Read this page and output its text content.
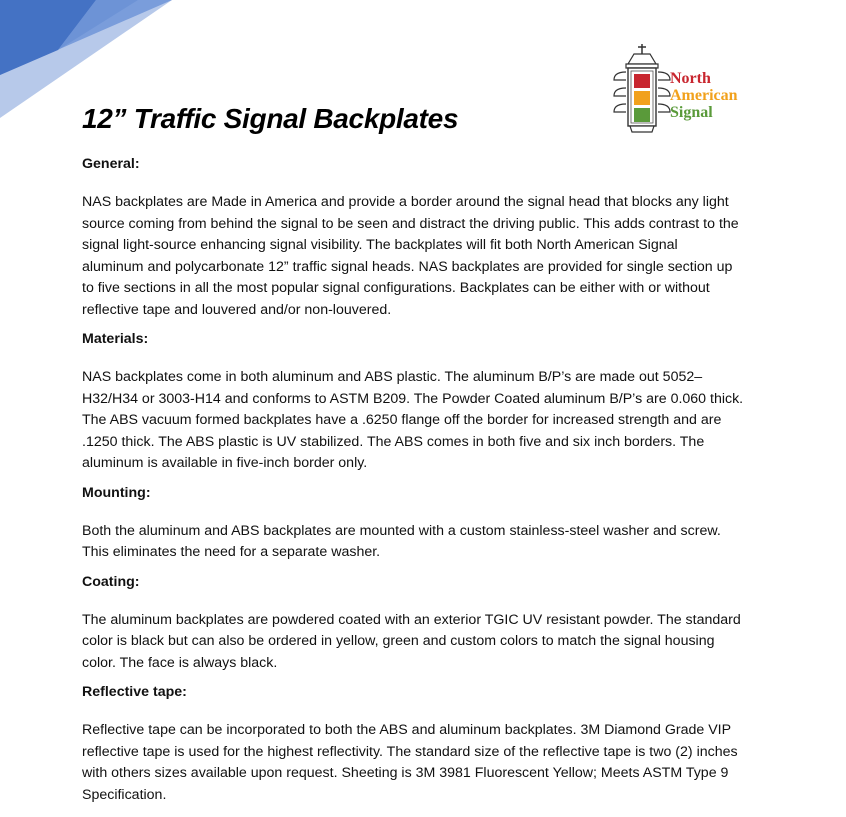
North
American
Signal
12” Traffic Signal Backplates
General:
NAS backplates are Made in America and provide a border around the signal head that blocks any light
source coming from behind the signal to be seen and distract the driving public. This adds contrast to the
signal light-source enhancing signal visibility. The backplates will fit both North American Signal
aluminum and polycarbonate 12” traffic signal heads. NAS backplates are provided for single section up
to five sections in all the most popular signal configurations. Backplates can be either with or without
reflective tape and louvered and/or non-louvered.
Materials:
NAS backplates come in both aluminum and ABS plastic. The aluminum B/P’s are made out 5052–
H32/H34 or 3003-H14 and conforms to ASTM B209. The Powder Coated aluminum B/P’s are 0.060 thick.
The ABS vacuum formed backplates have a .6250 flange off the border for increased strength and are
.1250 thick. The ABS plastic is UV stabilized. The ABS comes in both five and six inch borders. The
aluminum is available in five-inch border only.
Mounting:
Both the aluminum and ABS backplates are mounted with a custom stainless-steel washer and screw.
This eliminates the need for a separate washer.
Coating:
The aluminum backplates are powdered coated with an exterior TGIC UV resistant powder. The standard
color is black but can also be ordered in yellow, green and custom colors to match the signal housing
color. The face is always black.
Reflective tape:
Reflective tape can be incorporated to both the ABS and aluminum backplates. 3M Diamond Grade VIP
reflective tape is used for the highest reflectivity. The standard size of the reflective tape is two (2) inches
with others sizes available upon request. Sheeting is 3M 3981 Fluorescent Yellow; Meets ASTM Type 9
Specification.
